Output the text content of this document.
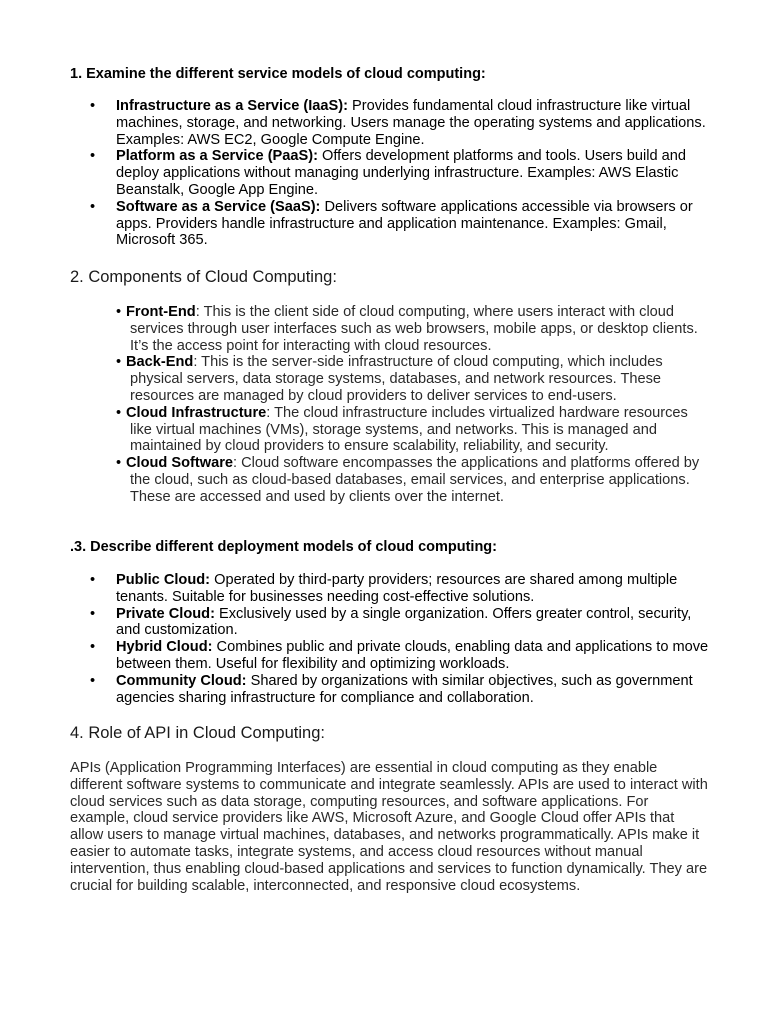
1. Examine the different service models of cloud computing:

• Infrastructure as a Service (IaaS): Provides fundamental cloud infrastructure like virtual machines, storage, and networking. Users manage the operating systems and applications. Examples: AWS EC2, Google Compute Engine.
• Platform as a Service (PaaS): Offers development platforms and tools. Users build and deploy applications without managing underlying infrastructure. Examples: AWS Elastic Beanstalk, Google App Engine.
• Software as a Service (SaaS): Delivers software applications accessible via browsers or apps. Providers handle infrastructure and application maintenance. Examples: Gmail, Microsoft 365.

2. Components of Cloud Computing:

• Front-End: This is the client side of cloud computing, where users interact with cloud services through user interfaces such as web browsers, mobile apps, or desktop clients. It’s the access point for interacting with cloud resources.
• Back-End: This is the server-side infrastructure of cloud computing, which includes physical servers, data storage systems, databases, and network resources. These resources are managed by cloud providers to deliver services to end-users.
• Cloud Infrastructure: The cloud infrastructure includes virtualized hardware resources like virtual machines (VMs), storage systems, and networks. This is managed and maintained by cloud providers to ensure scalability, reliability, and security.
• Cloud Software: Cloud software encompasses the applications and platforms offered by the cloud, such as cloud-based databases, email services, and enterprise applications. These are accessed and used by clients over the internet.

.3. Describe different deployment models of cloud computing:

• Public Cloud: Operated by third-party providers; resources are shared among multiple tenants. Suitable for businesses needing cost-effective solutions.
• Private Cloud: Exclusively used by a single organization. Offers greater control, security, and customization.
• Hybrid Cloud: Combines public and private clouds, enabling data and applications to move between them. Useful for flexibility and optimizing workloads.
• Community Cloud: Shared by organizations with similar objectives, such as government agencies sharing infrastructure for compliance and collaboration.

4. Role of API in Cloud Computing:

APIs (Application Programming Interfaces) are essential in cloud computing as they enable different software systems to communicate and integrate seamlessly. APIs are used to interact with cloud services such as data storage, computing resources, and software applications. For example, cloud service providers like AWS, Microsoft Azure, and Google Cloud offer APIs that allow users to manage virtual machines, databases, and networks programmatically. APIs make it easier to automate tasks, integrate systems, and access cloud resources without manual intervention, thus enabling cloud-based applications and services to function dynamically. They are crucial for building scalable, interconnected, and responsive cloud ecosystems.
